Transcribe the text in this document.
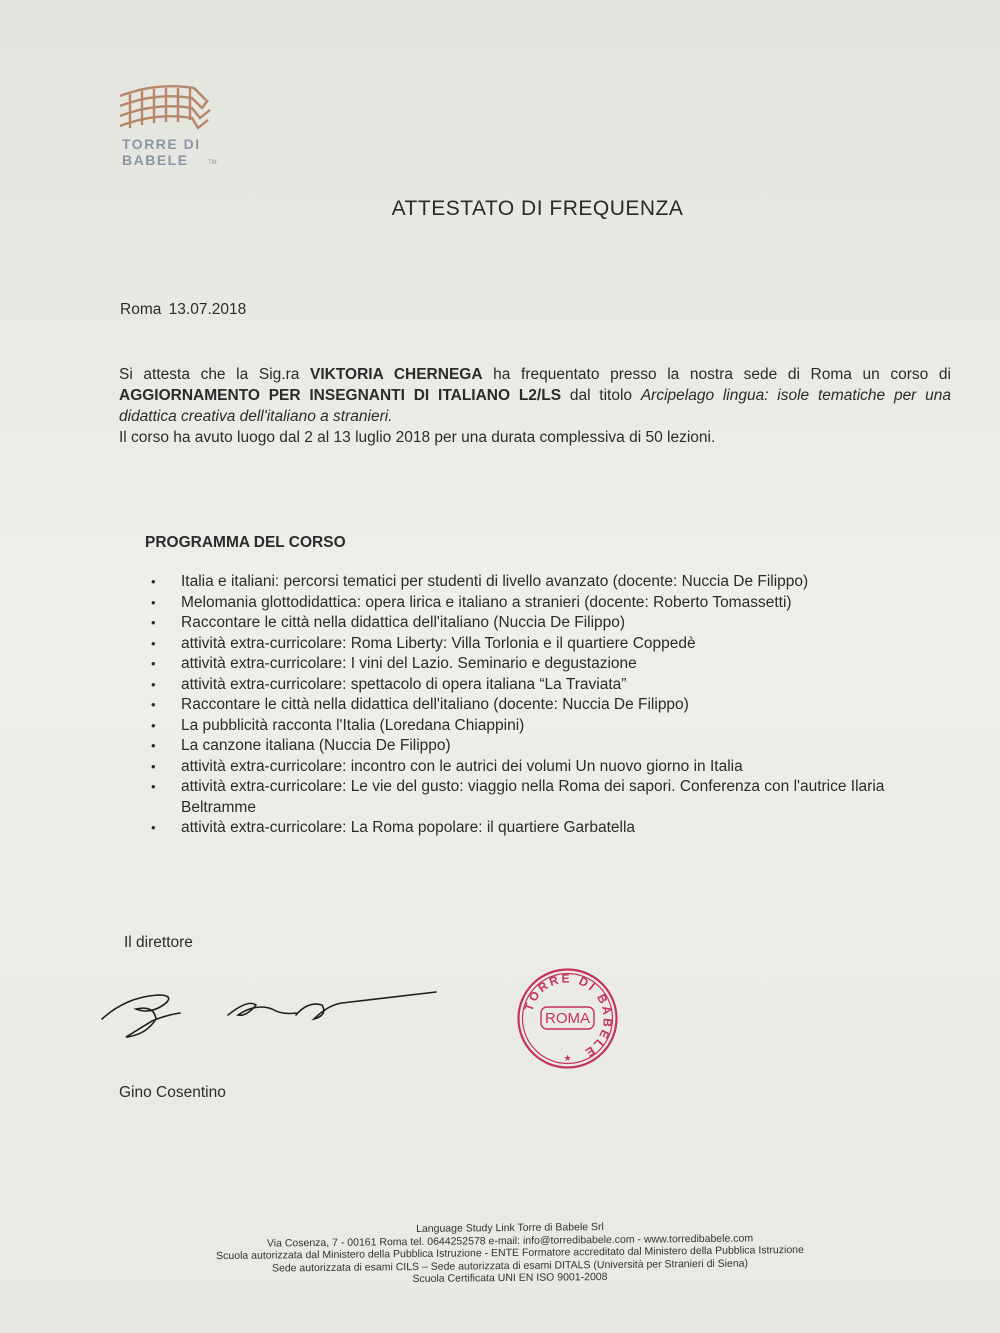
TORRE DI
BABELE	TM
ATTESTATO DI FREQUENZA
Roma 13.07.2018

Si attesta che la Sig.ra VIKTORIA CHERNEGA ha frequentato presso la nostra sede di Roma un corso di AGGIORNAMENTO PER INSEGNANTI DI ITALIANO L2/LS dal titolo Arcipelago lingua: isole tematiche per una didattica creativa dell'italiano a stranieri.

Il corso ha avuto luogo dal 2 al 13 luglio 2018 per una durata complessiva di 50 lezioni.

PROGRAMMA DEL CORSO
• Italia e italiani: percorsi tematici per studenti di livello avanzato (docente: Nuccia De Filippo)
• Melomania glottodidattica: opera lirica e italiano a stranieri (docente: Roberto Tomassetti)
• Raccontare le città nella didattica dell'italiano (Nuccia De Filippo)
• attività extra-curricolare: Roma Liberty: Villa Torlonia e il quartiere Coppedè
• attività extra-curricolare: I vini del Lazio. Seminario e degustazione
• attività extra-curricolare: spettacolo di opera italiana “La Traviata”
• Raccontare le città nella didattica dell'italiano (docente: Nuccia De Filippo)
• La pubblicità racconta l'Italia (Loredana Chiappini)
• La canzone italiana (Nuccia De Filippo)
• attività extra-curricolare: incontro con le autrici dei volumi Un nuovo giorno in Italia
• attività extra-curricolare: Le vie del gusto: viaggio nella Roma dei sapori. Conferenza con l'autrice Ilaria Beltramme
• attività extra-curricolare: La Roma popolare: il quartiere Garbatella
Il direttore
TORRE DI BABELE
ROMA
★
Gino Cosentino
Language Study Link Torre di Babele Srl
Via Cosenza, 7 - 00161 Roma tel. 0644252578 e-mail: info@torredibabele.com - www.torredibabele.com
Scuola autorizzata dal Ministero della Pubblica Istruzione - ENTE Formatore accreditato dal Ministero della Pubblica Istruzione
Sede autorizzata di esami CILS – Sede autorizzata di esami DITALS (Università per Stranieri di Siena)
Scuola Certificata UNI EN ISO 9001-2008
